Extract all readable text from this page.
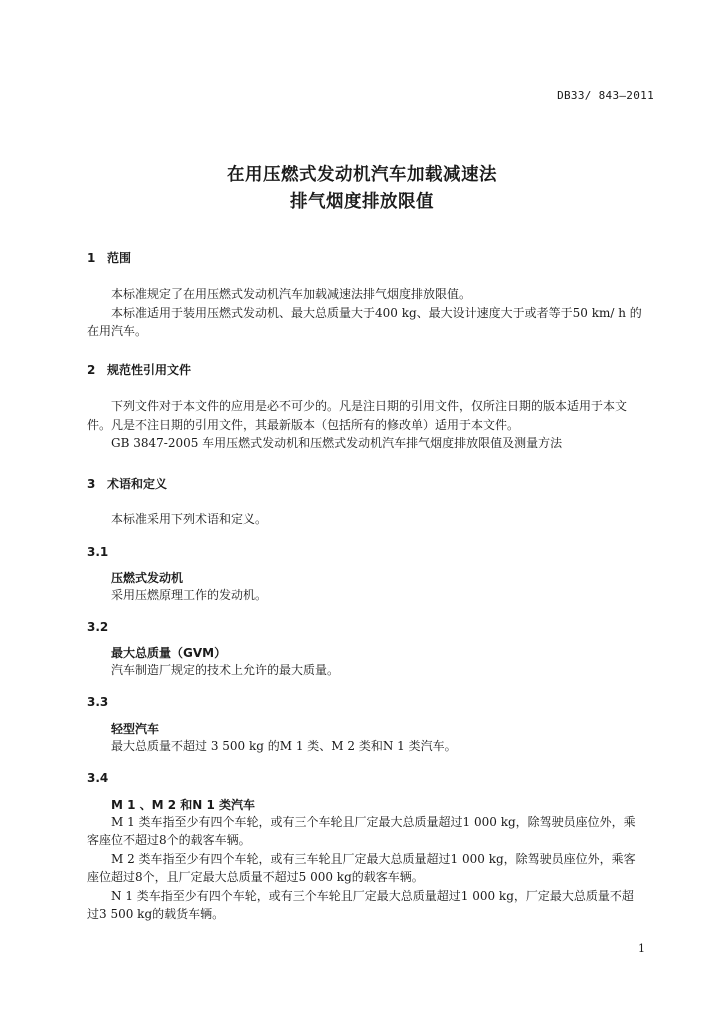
DB33/ 843—2011
在用压燃式发动机汽车加载减速法
排气烟度排放限值
1 范围
本标准规定了在用压燃式发动机汽车加载减速法排气烟度排放限值。
本标准适用于装用压燃式发动机、最大总质量大于400 kg、最大设计速度大于或者等于50 km/ h 的
在用汽车。
2 规范性引用文件
下列文件对于本文件的应用是必不可少的。凡是注日期的引用文件，仅所注日期的版本适用于本文
件。凡是不注日期的引用文件，其最新版本（包括所有的修改单）适用于本文件。
GB 3847-2005 车用压燃式发动机和压燃式发动机汽车排气烟度排放限值及测量方法
3 术语和定义
本标准采用下列术语和定义。
3.1
压燃式发动机
采用压燃原理工作的发动机。
3.2
最大总质量（GVM）
汽车制造厂规定的技术上允许的最大质量。
3.3
轻型汽车
最大总质量不超过 3 500 kg 的M 1 类、M 2 类和N 1 类汽车。
3.4
M 1 、M 2 和N 1 类汽车
M 1 类车指至少有四个车轮，或有三个车轮且厂定最大总质量超过1 000 kg，除驾驶员座位外，乘
客座位不超过8个的载客车辆。
M 2 类车指至少有四个车轮，或有三车轮且厂定最大总质量超过1 000 kg，除驾驶员座位外，乘客
座位超过8个，且厂定最大总质量不超过5 000 kg的载客车辆。
N 1 类车指至少有四个车轮，或有三个车轮且厂定最大总质量超过1 000 kg，厂定最大总质量不超
过3 500 kg的载货车辆。
1
